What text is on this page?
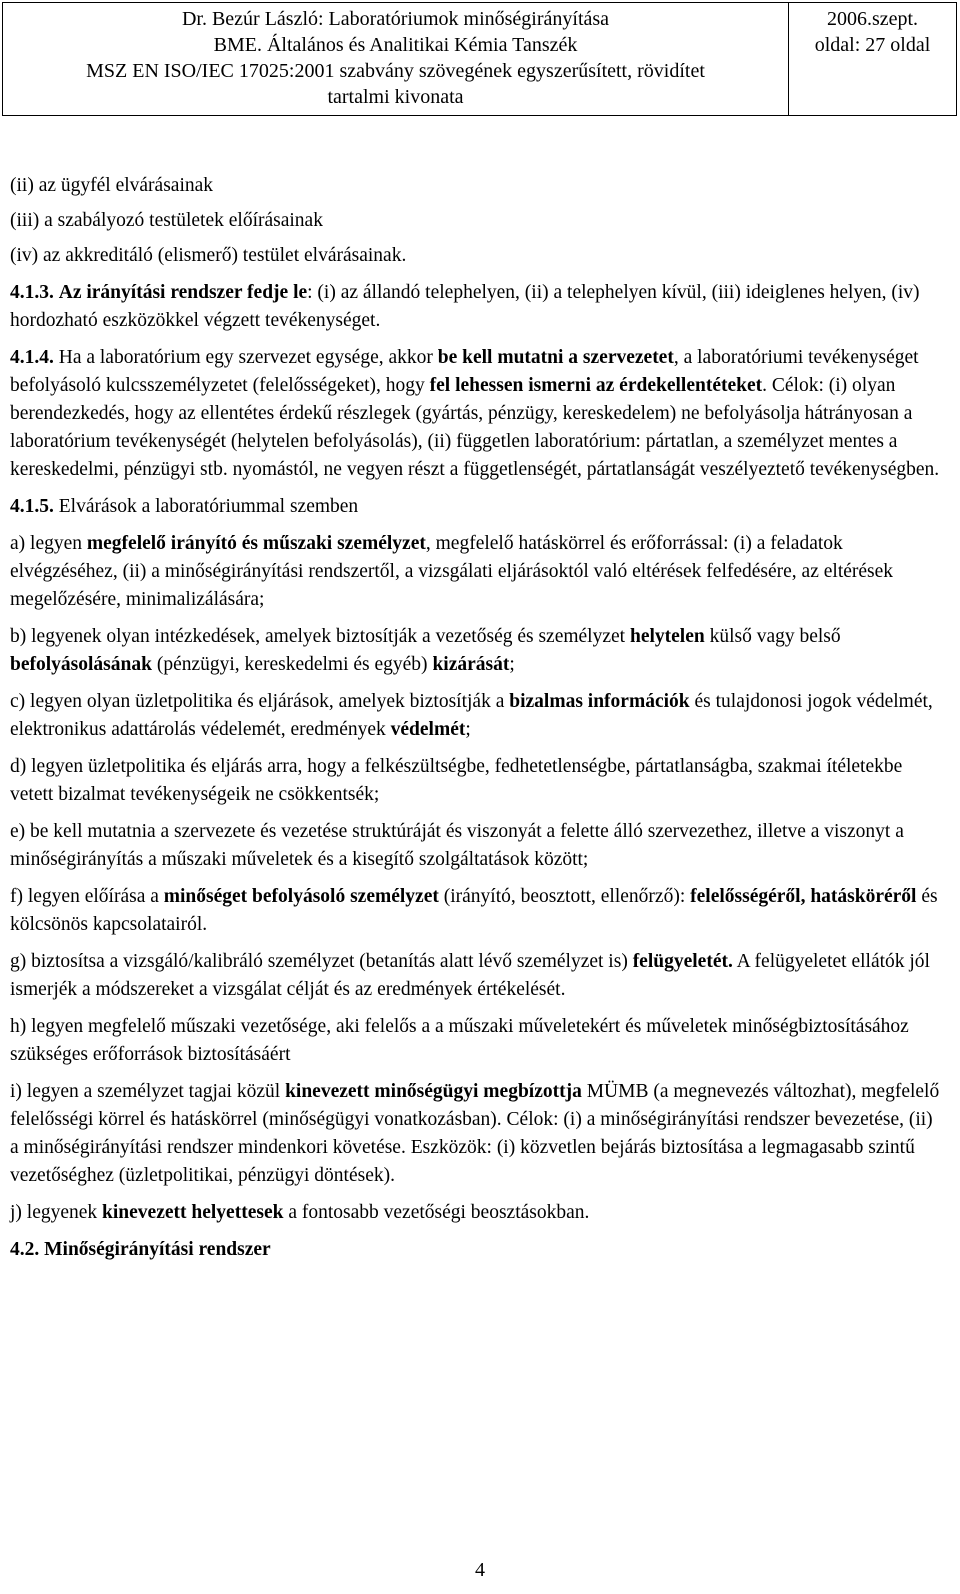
Dr. Bezúr László: Laboratóriumok minőségirányítása
BME. Általános és Analitikai Kémia Tanszék
MSZ EN ISO/IEC 17025:2001 szabvány szövegének egyszerűsített, rövidítet
tartalmi kivonata
2006.szept.
oldal: 27 oldal

(ii) az ügyfél elvárásainak

(iii) a szabályozó testületek előírásainak

(iv) az akkreditáló (elismerő) testület elvárásainak.

4.1.3. Az irányítási rendszer fedje le: (i) az állandó telephelyen, (ii) a telephelyen kívül, (iii) ideiglenes helyen, (iv) hordozható eszközökkel végzett tevékenységet.

4.1.4. Ha a laboratórium egy szervezet egysége, akkor be kell mutatni a szervezetet, a laboratóriumi tevékenységet befolyásoló kulcsszemélyzetet (felelősségeket), hogy fel lehessen ismerni az érdekellentéteket. Célok: (i) olyan berendezkedés, hogy az ellentétes érdekű részlegek (gyártás, pénzügy, kereskedelem) ne befolyásolja hátrányosan a laboratórium tevékenységét (helytelen befolyásolás), (ii) független laboratórium: pártatlan, a személyzet mentes a kereskedelmi, pénzügyi stb. nyomástól, ne vegyen részt a függetlenségét, pártatlanságát veszélyeztető tevékenységben.

4.1.5. Elvárások a laboratóriummal szemben

a) legyen megfelelő irányító és műszaki személyzet, megfelelő hatáskörrel és erőforrással: (i) a feladatok elvégzéséhez, (ii) a minőségirányítási rendszertől, a vizsgálati eljárásoktól való eltérések felfedésére, az eltérések megelőzésére, minimalizálására;

b) legyenek olyan intézkedések, amelyek biztosítják a vezetőség és személyzet helytelen külső vagy belső befolyásolásának (pénzügyi, kereskedelmi és egyéb) kizárását;

c) legyen olyan üzletpolitika és eljárások, amelyek biztosítják a bizalmas információk és tulajdonosi jogok védelmét, elektronikus adattárolás védelemét, eredmények védelmét;

d) legyen üzletpolitika és eljárás arra, hogy a felkészültségbe, fedhetetlenségbe, pártatlanságba, szakmai ítéletekbe vetett bizalmat tevékenységeik ne csökkentsék;

e) be kell mutatnia a szervezete és vezetése struktúráját és viszonyát a felette álló szervezethez, illetve a viszonyt a minőségirányítás a műszaki műveletek és a kisegítő szolgáltatások között;

f) legyen előírása a minőséget befolyásoló személyzet (irányító, beosztott, ellenőrző): felelősségéről, hatásköréről és kölcsönös kapcsolatairól.

g) biztosítsa a vizsgáló/kalibráló személyzet (betanítás alatt lévő személyzet is) felügyeletét. A felügyeletet ellátók jól ismerjék a módszereket a vizsgálat célját és az eredmények értékelését.

h) legyen megfelelő műszaki vezetősége, aki felelős a a műszaki műveletekért és műveletek minőségbiztosításához szükséges erőforrások biztosításáért

i) legyen a személyzet tagjai közül kinevezett minőségügyi megbízottja MÜMB (a megnevezés változhat), megfelelő felelősségi körrel és hatáskörrel (minőségügyi vonatkozásban). Célok: (i) a minőségirányítási rendszer bevezetése, (ii) a minőségirányítási rendszer mindenkori követése. Eszközök: (i) közvetlen bejárás biztosítása a legmagasabb szintű vezetőséghez (üzletpolitikai, pénzügyi döntések).

j) legyenek kinevezett helyettesek a fontosabb vezetőségi beosztásokban.

4.2. Minőségirányítási rendszer

4
